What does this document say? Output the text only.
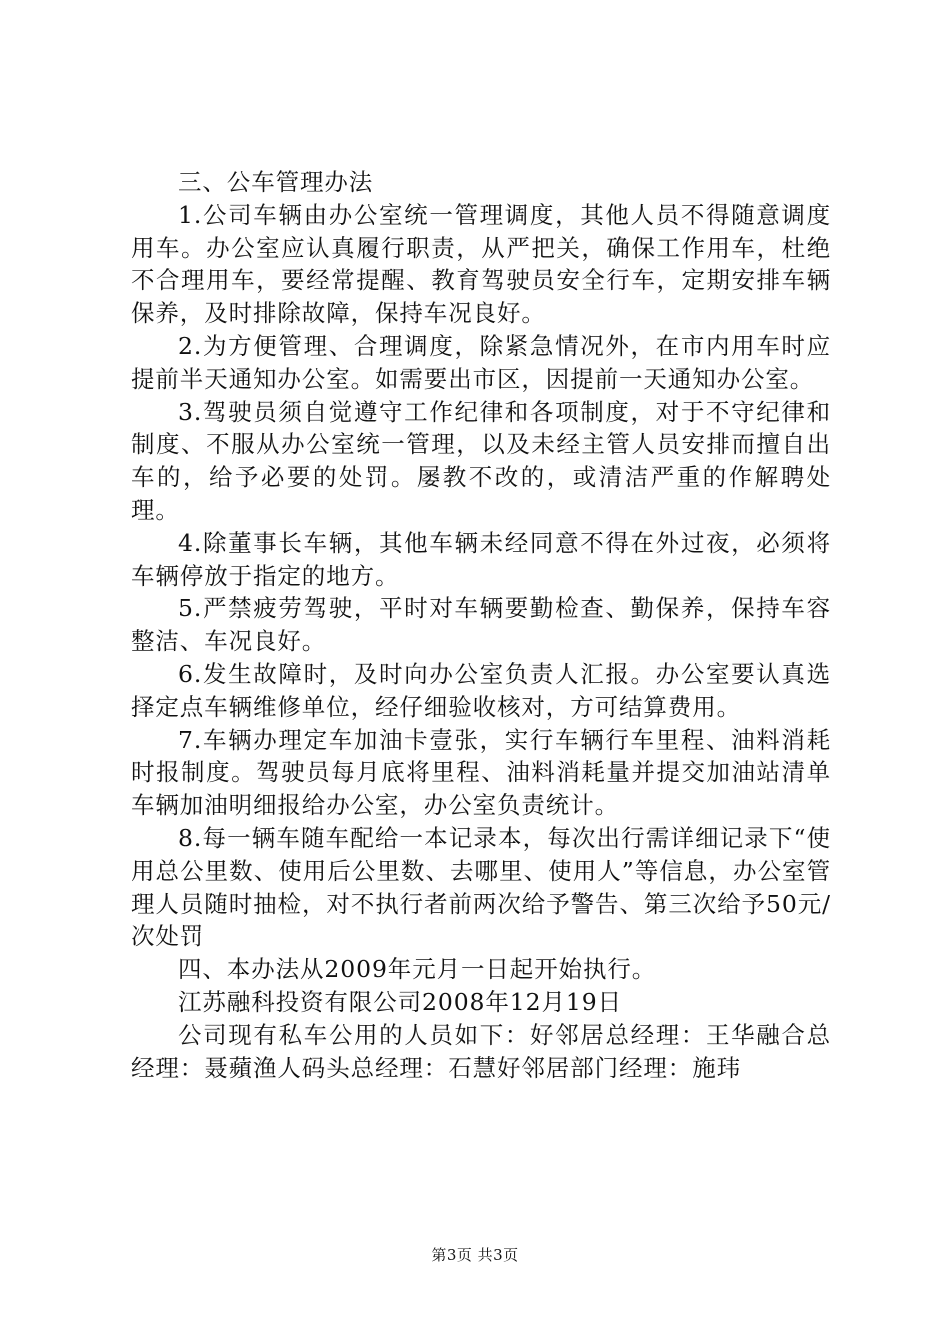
三、公车管理办法

1.公司车辆由办公室统一管理调度，其他人员不得随意调度用车。办公室应认真履行职责，从严把关，确保工作用车，杜绝不合理用车，要经常提醒、教育驾驶员安全行车，定期安排车辆保养，及时排除故障，保持车况良好。

2.为方便管理、合理调度，除紧急情况外，在市内用车时应提前半天通知办公室。如需要出市区，因提前一天通知办公室。

3.驾驶员须自觉遵守工作纪律和各项制度，对于不守纪律和制度、不服从办公室统一管理，以及未经主管人员安排而擅自出车的，给予必要的处罚。屡教不改的，或清洁严重的作解聘处理。

4.除董事长车辆，其他车辆未经同意不得在外过夜，必须将车辆停放于指定的地方。

5.严禁疲劳驾驶，平时对车辆要勤检查、勤保养，保持车容整洁、车况良好。

6.发生故障时，及时向办公室负责人汇报。办公室要认真选择定点车辆维修单位，经仔细验收核对，方可结算费用。

7.车辆办理定车加油卡壹张，实行车辆行车里程、油料消耗时报制度。驾驶员每月底将里程、油料消耗量并提交加油站清单车辆加油明细报给办公室，办公室负责统计。

8.每一辆车随车配给一本记录本，每次出行需详细记录下“使用总公里数、使用后公里数、去哪里、使用人”等信息，办公室管理人员随时抽检，对不执行者前两次给予警告、第三次给予50元/次处罚

四、本办法从2009年元月一日起开始执行。

江苏融科投资有限公司2008年12月19日

公司现有私车公用的人员如下：好邻居总经理：王华融合总经理：聂蘋渔人码头总经理：石慧好邻居部门经理：施玮

第3页 共3页
